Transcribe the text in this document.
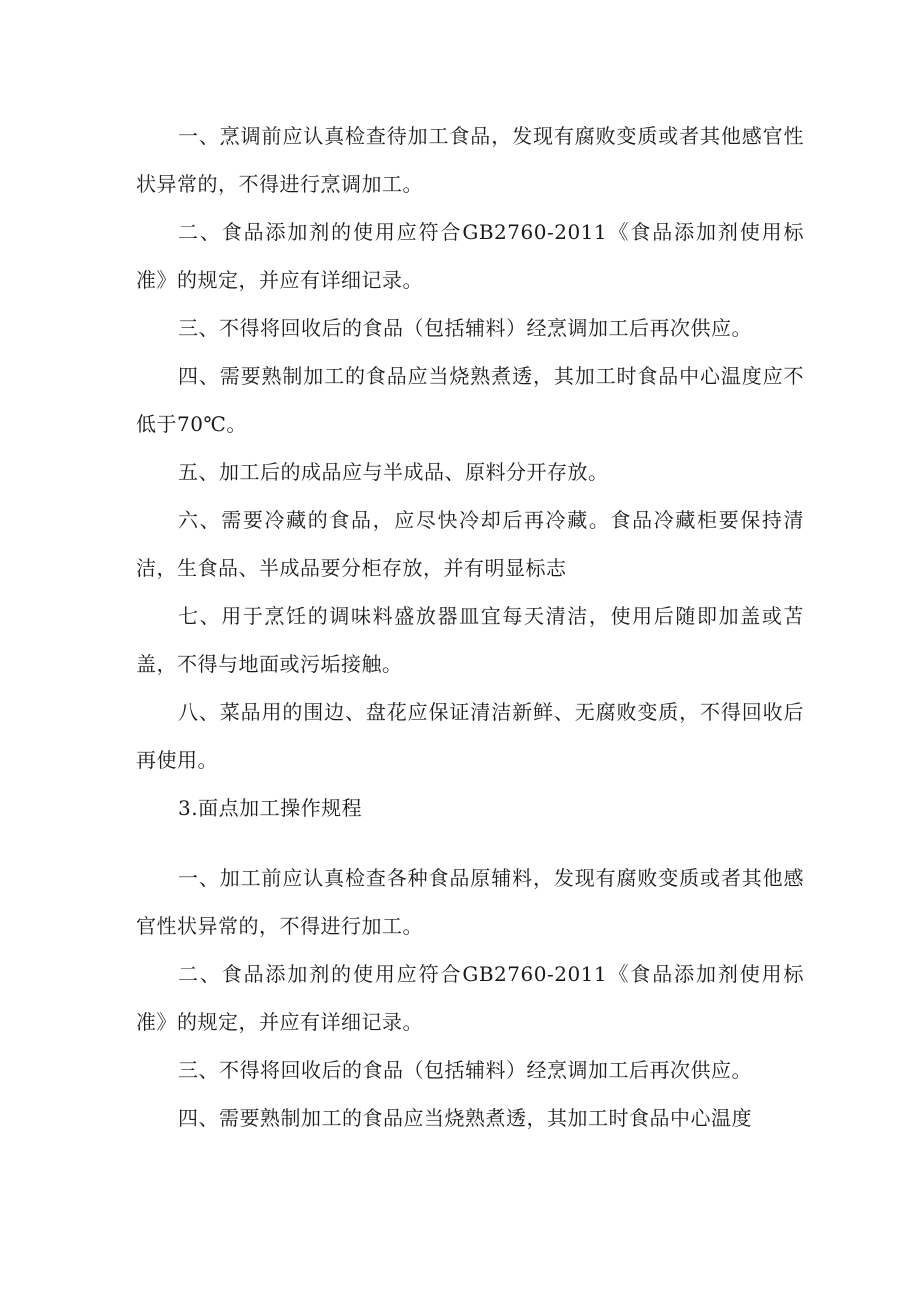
一、烹调前应认真检查待加工食品，发现有腐败变质或者其他感官性状异常的，不得进行烹调加工。

二、食品添加剂的使用应符合GB2760-2011《食品添加剂使用标准》的规定，并应有详细记录。

三、不得将回收后的食品（包括辅料）经烹调加工后再次供应。

四、需要熟制加工的食品应当烧熟煮透，其加工时食品中心温度应不低于70℃。

五、加工后的成品应与半成品、原料分开存放。

六、需要冷藏的食品，应尽快冷却后再冷藏。食品冷藏柜要保持清洁，生食品、半成品要分柜存放，并有明显标志

七、用于烹饪的调味料盛放器皿宜每天清洁，使用后随即加盖或苫盖，不得与地面或污垢接触。

八、菜品用的围边、盘花应保证清洁新鲜、无腐败变质，不得回收后再使用。

3.面点加工操作规程

一、加工前应认真检查各种食品原辅料，发现有腐败变质或者其他感官性状异常的，不得进行加工。

二、食品添加剂的使用应符合GB2760-2011《食品添加剂使用标准》的规定，并应有详细记录。

三、不得将回收后的食品（包括辅料）经烹调加工后再次供应。

四、需要熟制加工的食品应当烧熟煮透，其加工时食品中心温度
